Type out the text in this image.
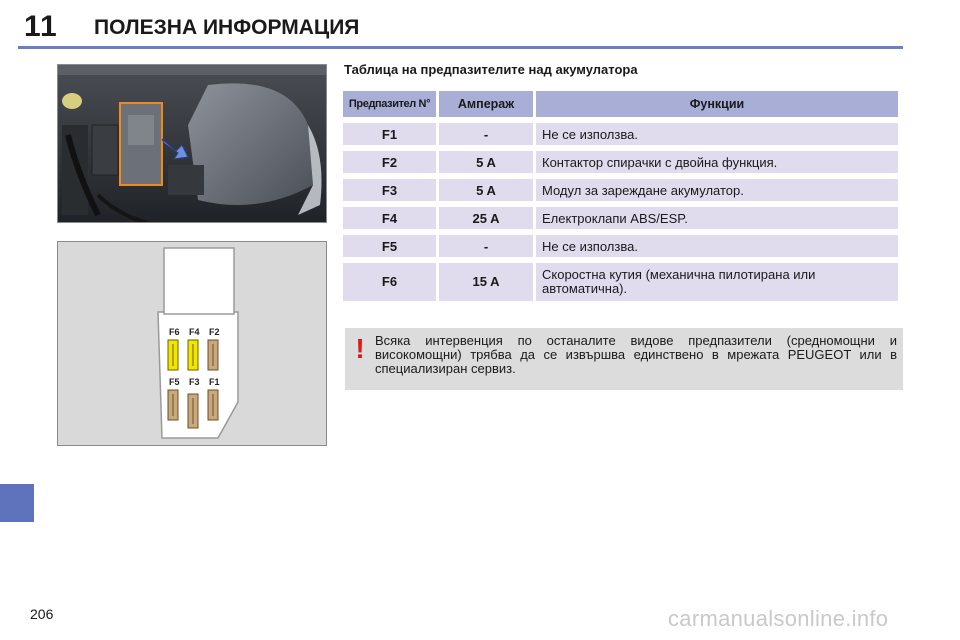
11 ПОЛЕЗНА ИНФОРМАЦИЯ
F6 F4 F2
F5 F3 F1
Таблица на предпазителите над акумулатора
Предпазител N°	Ампераж	Функции
F1	-	Не се използва.
F2	5 A	Контактор спирачки с двойна функция.
F3	5 A	Модул за зареждане акумулатор.
F4	25 A	Електроклапи ABS/ESP.
F5	-	Не се използва.
F6	15 A	Скоростна кутия (механична пилотирана или автоматична).
! Всяка интервенция по останалите видове предпазители (средномощни и високомощни) трябва да се извършва единствено в мрежата PEUGEOT или в специализиран сервиз.
206	carmanualsonline.info
